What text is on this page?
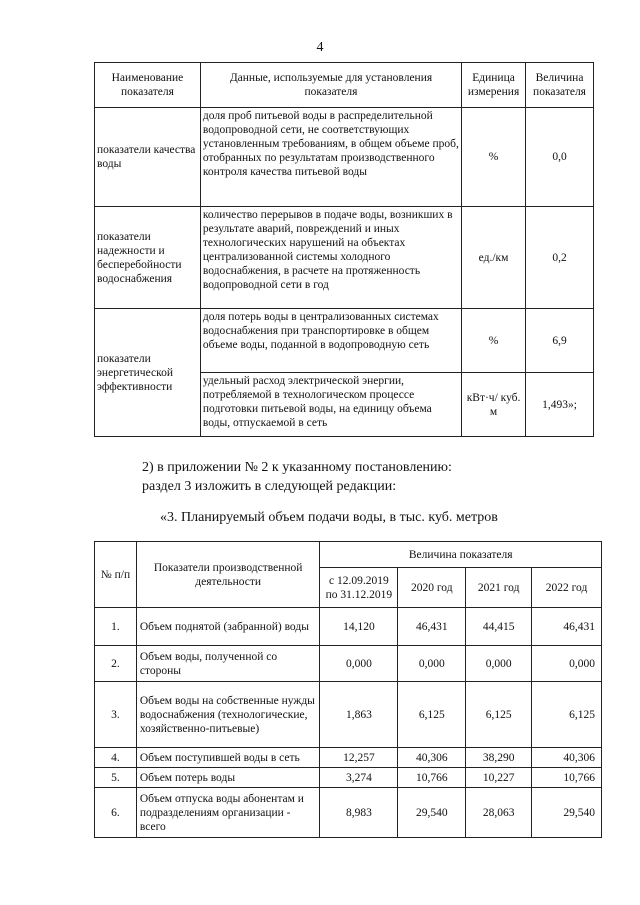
4
Наименование показателя	Данные, используемые для установления показателя	Единица измерения	Величина показателя
показатели качества воды	доля проб питьевой воды в распределительной водопроводной сети, не соответствующих установленным требованиям, в общем объеме проб, отобранных по результатам производственного контроля качества питьевой воды	%	0,0
показатели надежности и бесперебойности водоснабжения	количество перерывов в подаче воды, возникших в результате аварий, повреждений и иных технологических нарушений на объектах централизованной системы холодного водоснабжения, в расчете на протяженность водопроводной сети в год	ед./км	0,2
показатели энергетической эффективности	доля потерь воды в централизованных системах водоснабжения при транспортировке в общем объеме воды, поданной в водопроводную сеть	%	6,9
	удельный расход электрической энергии, потребляемой в технологическом процессе подготовки питьевой воды, на единицу объема воды, отпускаемой в сеть	кВт·ч/ куб. м	1,493»;
2) в приложении № 2 к указанному постановлению:
раздел 3 изложить в следующей редакции:
«3. Планируемый объем подачи воды, в тыс. куб. метров
№ п/п	Показатели производственной деятельности	Величина показателя			
		с 12.09.2019 по 31.12.2019	2020 год	2021 год	2022 год
1.	Объем поднятой (забранной) воды	14,120	46,431	44,415	46,431
2.	Объем воды, полученной со стороны	0,000	0,000	0,000	0,000
3.	Объем воды на собственные нужды водоснабжения (технологические, хозяйственно-питьевые)	1,863	6,125	6,125	6,125
4.	Объем поступившей воды в сеть	12,257	40,306	38,290	40,306
5.	Объем потерь воды	3,274	10,766	10,227	10,766
6.	Объем отпуска воды абонентам и подразделениям организации - всего	8,983	29,540	28,063	29,540
